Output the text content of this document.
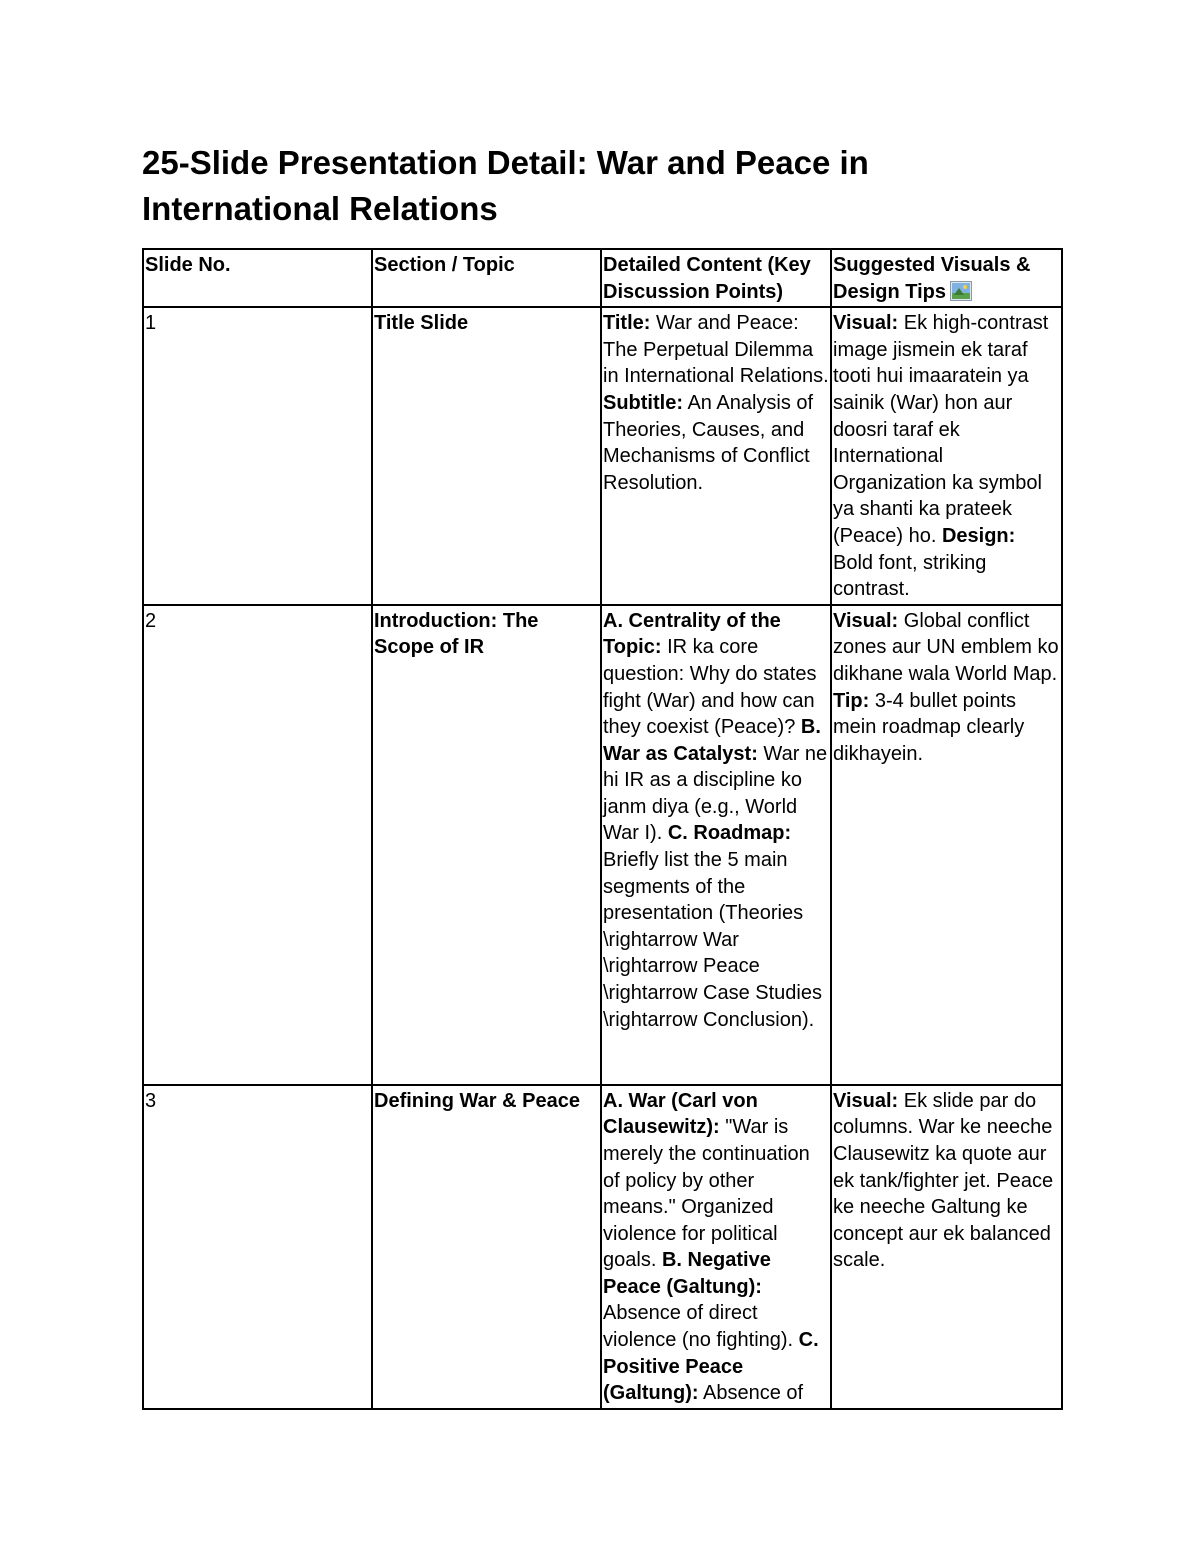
25-Slide Presentation Detail: War and Peace in International Relations
Slide No.	Section / Topic	Detailed Content (Key Discussion Points)	Suggested Visuals & Design Tips

1	Title Slide	Title: War and Peace: The Perpetual Dilemma in International Relations. Subtitle: An Analysis of Theories, Causes, and Mechanisms of Conflict Resolution.	Visual: Ek high-contrast image jismein ek taraf tooti hui imaaratein ya sainik (War) hon aur doosri taraf ek International Organization ka symbol ya shanti ka prateek (Peace) ho. Design: Bold font, striking contrast.
2	Introduction: The Scope of IR	A. Centrality of the Topic: IR ka core question: Why do states fight (War) and how can they coexist (Peace)? B. War as Catalyst: War ne hi IR as a discipline ko janm diya (e.g., World War I). C. Roadmap: Briefly list the 5 main segments of the presentation (Theories \rightarrow War \rightarrow Peace \rightarrow Case Studies \rightarrow Conclusion).	Visual: Global conflict zones aur UN emblem ko dikhane wala World Map. Tip: 3-4 bullet points mein roadmap clearly dikhayein.
3	Defining War & Peace	A. War (Carl von Clausewitz): "War is merely the continuation of policy by other means." Organized violence for political goals. B. Negative Peace (Galtung): Absence of direct violence (no fighting). C. Positive Peace (Galtung): Absence of	Visual: Ek slide par do columns. War ke neeche Clausewitz ka quote aur ek tank/fighter jet. Peace ke neeche Galtung ke concept aur ek balanced scale.
